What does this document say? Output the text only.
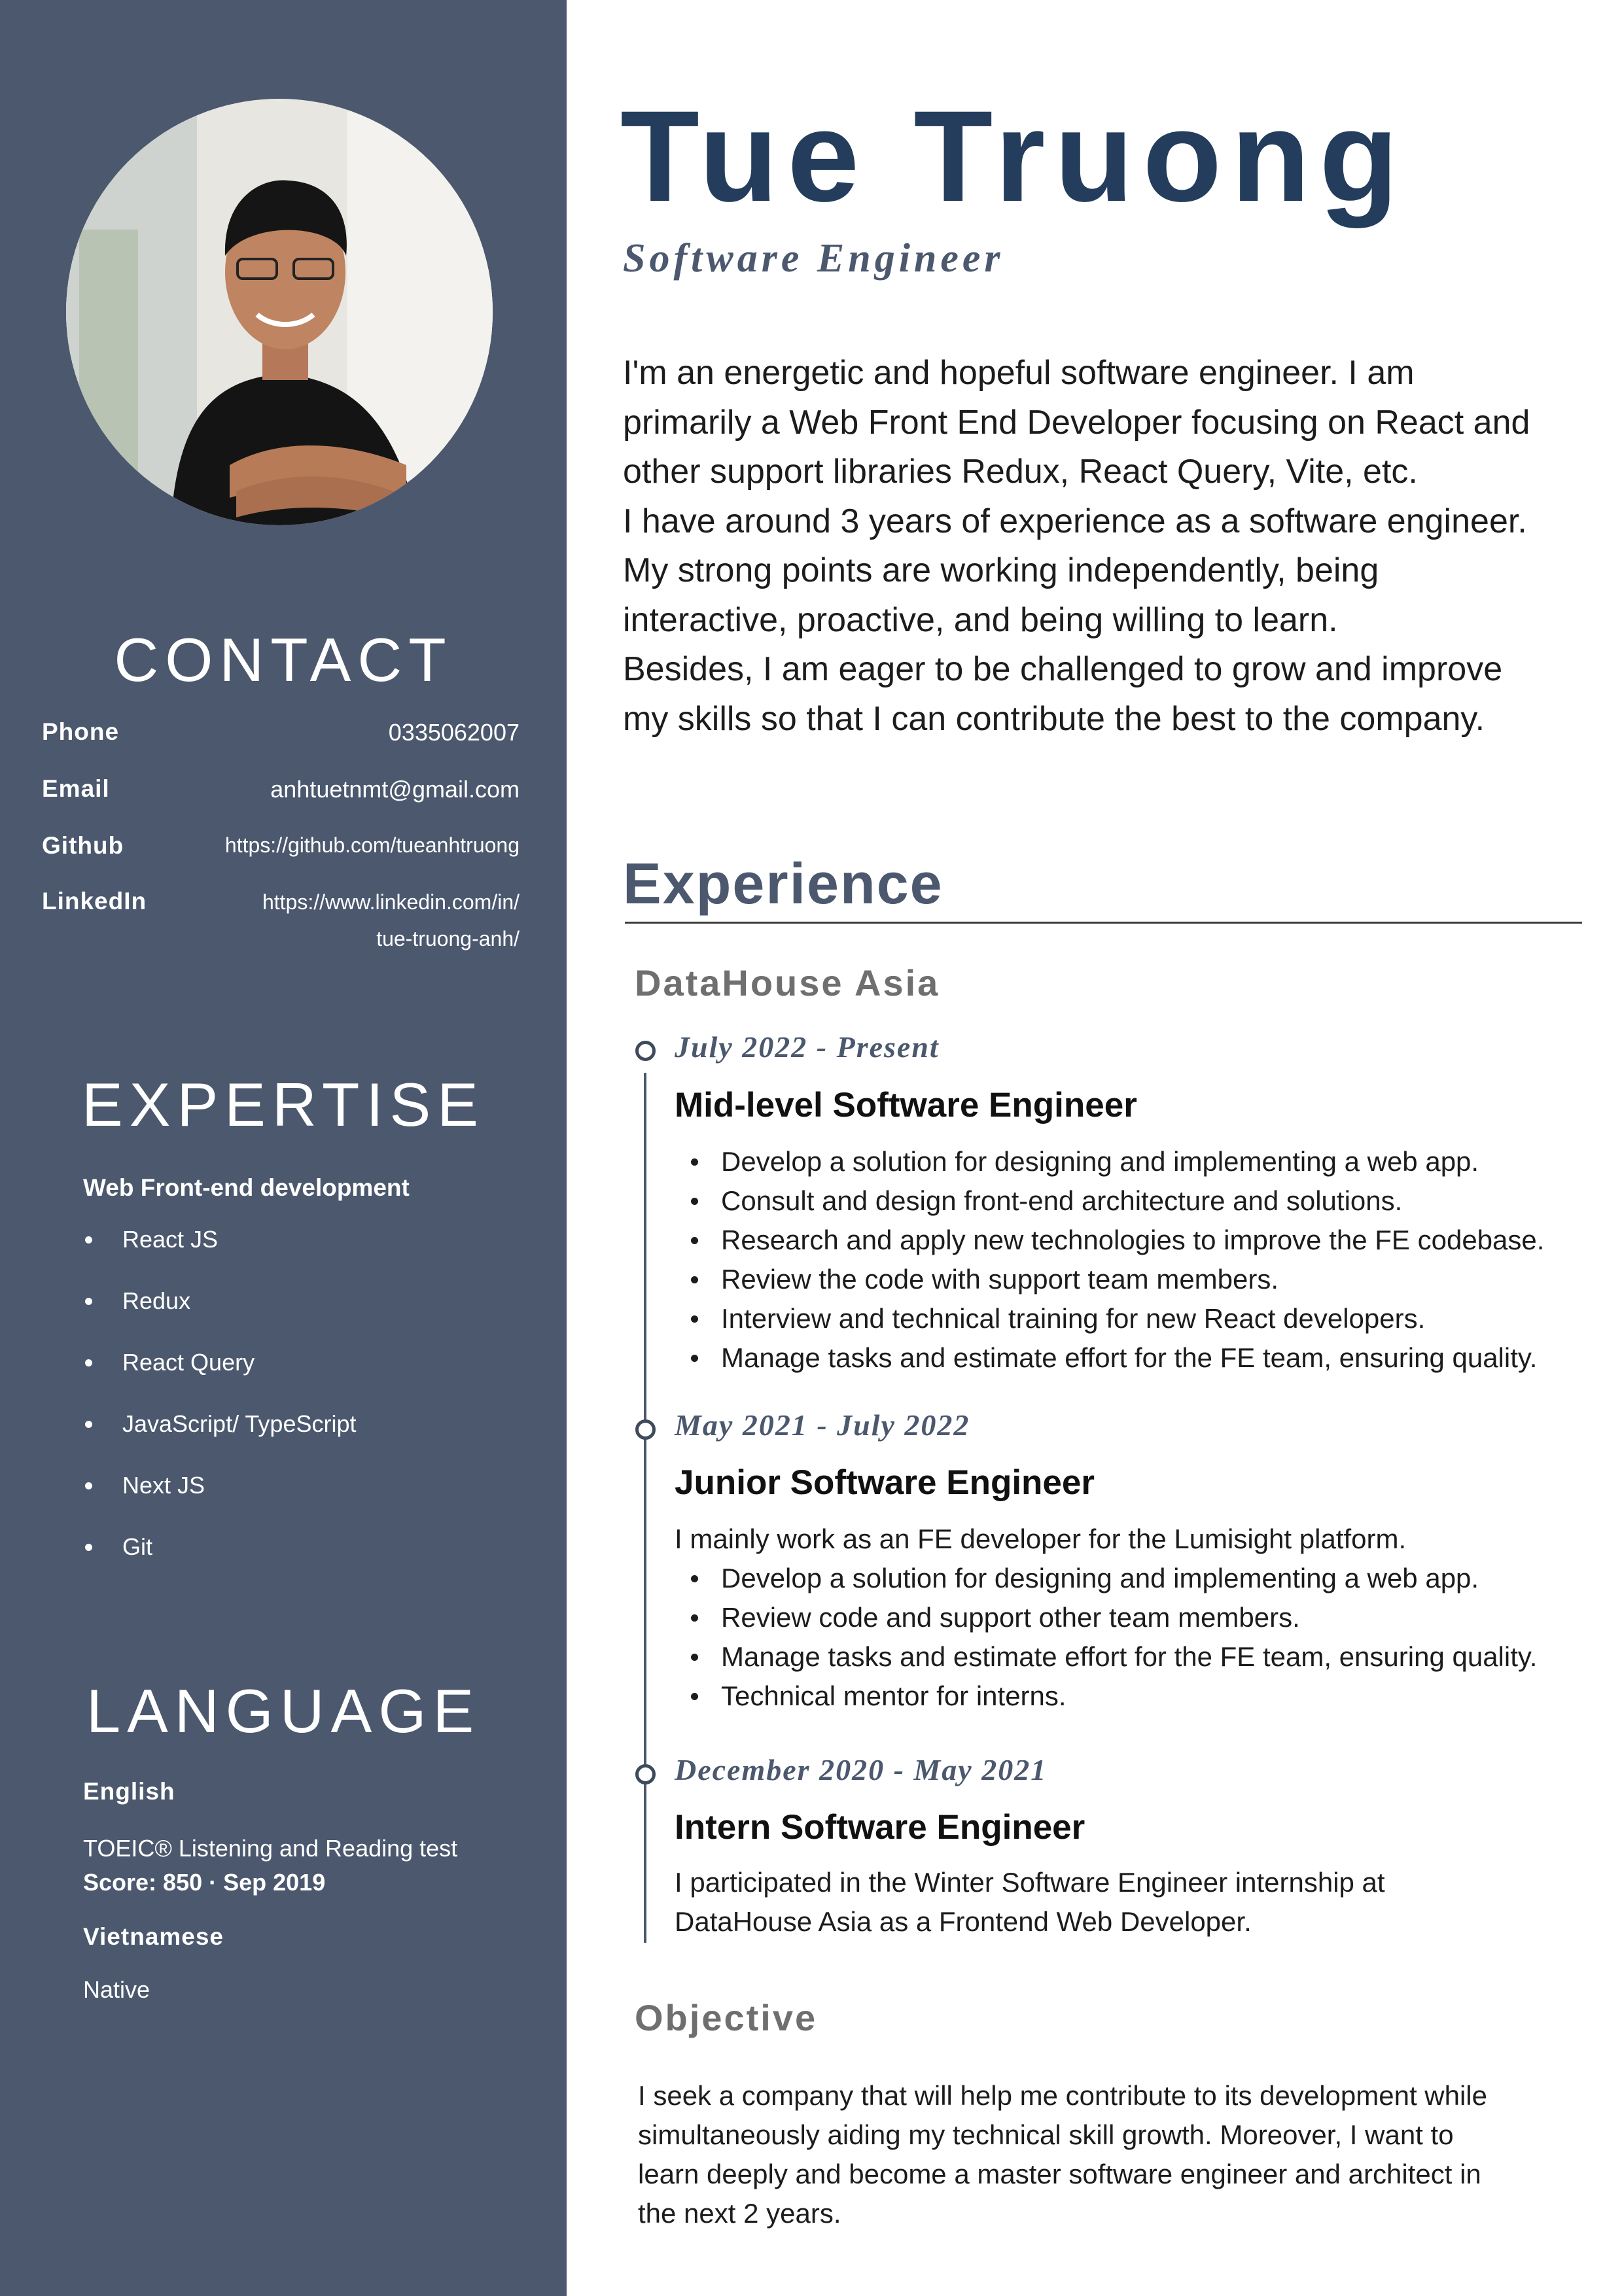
CONTACT
Phone	0335062007
Email	anhtuetnmt@gmail.com
Github	https://github.com/tueanhtruong
LinkedIn	https://www.linkedin.com/in/
tue-truong-anh/
EXPERTISE
Web Front-end development
React JS
Redux
React Query
JavaScript/ TypeScript
Next JS
Git
LANGUAGE
English
TOEIC® Listening and Reading test
Score: 850 · Sep 2019
Vietnamese
Native
Tue Truong
Software Engineer
I'm an energetic and hopeful software engineer. I am
primarily a Web Front End Developer focusing on React and
other support libraries Redux, React Query, Vite, etc.
I have around 3 years of experience as a software engineer.
My strong points are working independently, being
interactive, proactive, and being willing to learn.
Besides, I am eager to be challenged to grow and improve
my skills so that I can contribute the best to the company.
Experience
DataHouse Asia
July 2022 - Present
Mid-level Software Engineer
Develop a solution for designing and implementing a web app.
Consult and design front-end architecture and solutions.
Research and apply new technologies to improve the FE codebase.
Review the code with support team members.
Interview and technical training for new React developers.
Manage tasks and estimate effort for the FE team, ensuring quality.
May 2021 - July 2022
Junior Software Engineer
I mainly work as an FE developer for the Lumisight platform.
Develop a solution for designing and implementing a web app.
Review code and support other team members.
Manage tasks and estimate effort for the FE team, ensuring quality.
Technical mentor for interns.
December 2020 - May 2021
Intern Software Engineer
I participated in the Winter Software Engineer internship at
DataHouse Asia as a Frontend Web Developer.
Objective
I seek a company that will help me contribute to its development while
simultaneously aiding my technical skill growth. Moreover, I want to
learn deeply and become a master software engineer and architect in
the next 2 years.
